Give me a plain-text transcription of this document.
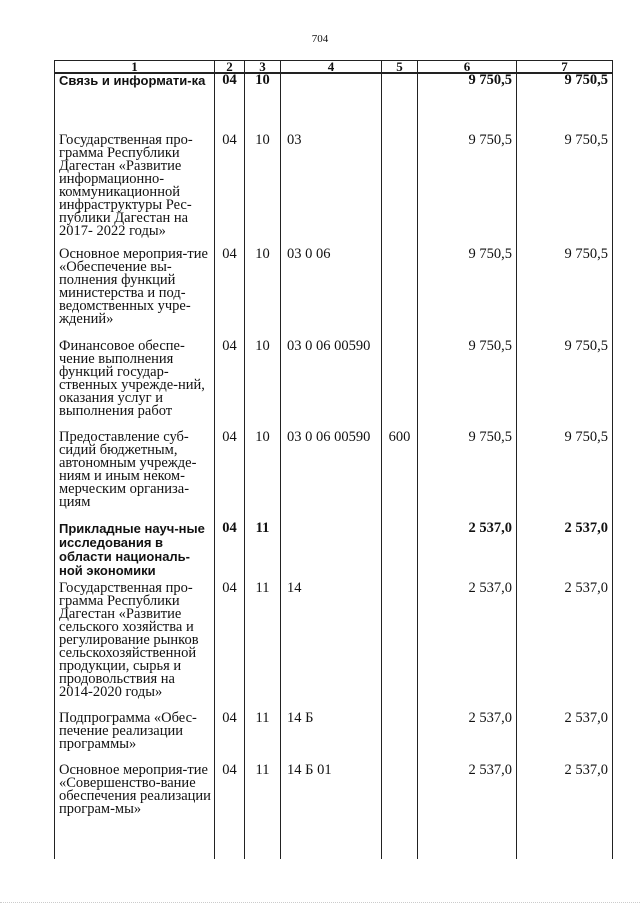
704
1	2	3	4	5	6	7
Связь и информати-ка	04	10			9 750,5	9 750,5
Государственная про-грамма Республики Дагестан «Развитие информационно-коммуникационной инфраструктуры Рес-публики Дагестан на 2017- 2022 годы»	04	10	03		9 750,5	9 750,5
Основное мероприя-тие «Обеспечение вы-полнения функций министерства и под-ведомственных учре-ждений»	04	10	03 0 06		9 750,5	9 750,5
Финансовое обеспе-чение выполнения функций государ-ственных учрежде-ний, оказания услуг и выполнения работ	04	10	03 0 06 00590		9 750,5	9 750,5
Предоставление суб-сидий бюджетным, автономным учрежде-ниям и иным неком-мерческим организа-циям	04	10	03 0 06 00590	600	9 750,5	9 750,5
Прикладные науч-ные исследования в области националь-ной экономики	04	11			2 537,0	2 537,0
Государственная про-грамма Республики Дагестан «Развитие сельского хозяйства и регулирование рынков сельскохозяйственной продукции, сырья и продовольствия на 2014-2020 годы»	04	11	14		2 537,0	2 537,0
Подпрограмма «Обес-печение реализации программы»	04	11	14 Б		2 537,0	2 537,0
Основное мероприя-тие «Совершенство-вание обеспечения реализации програм-мы»	04	11	14 Б 01		2 537,0	2 537,0
